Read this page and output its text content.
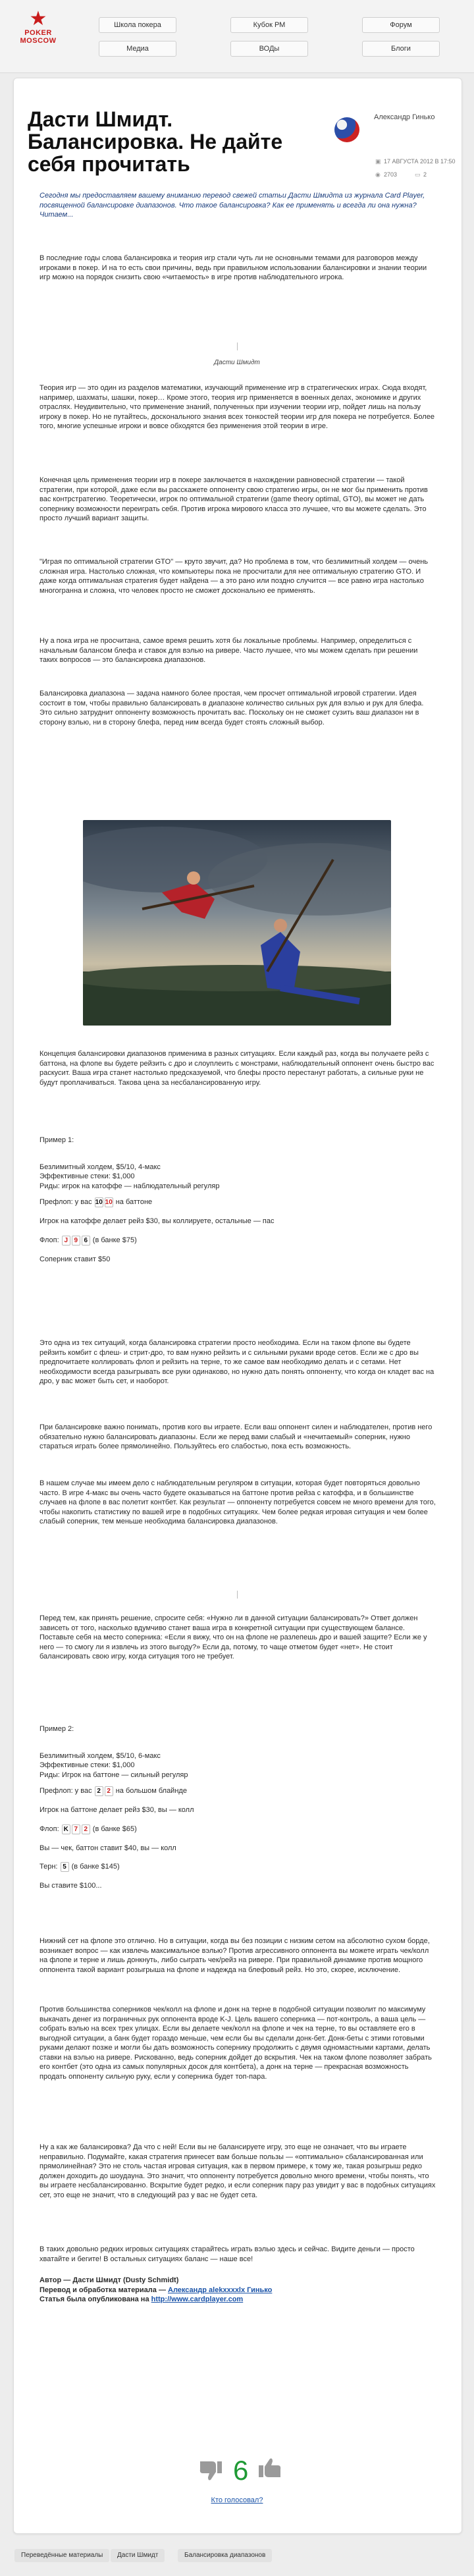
★
POKER
MOSCOW
Школа покера	Кубок РМ	Форум
Медиа	ВОДы	Блоги
Дасти Шмидт. Балансировка. Не дайте себя прочитать
Александр Гинько
▣ 17 АВГУСТА 2012 В 17:50
◉ 2703	▭ 2

Сегодня мы предоставляем вашему вниманию перевод свежей статьи Дасти Шмидта из журнала Card Player, посвященной балансировке диапазонов. Что такое балансировка? Как ее применять и всегда ли она нужна? Читаем...

В последние годы слова балансировка и теория игр стали чуть ли не основными темами для разговоров между игроками в покер. И на то есть свои причины, ведь при правильном использовании балансировки и знании теории игр можно на порядок снизить свою «читаемость» в игре против наблюдательного игрока.

Дасти Шмидт

Теория игр — это один из разделов математики, изучающий применение игр в стратегических играх. Сюда входят, например, шахматы, шашки, покер… Кроме этого, теория игр применяется в военных делах, экономике и других отраслях. Неудивительно, что применение знаний, полученных при изучении теории игр, пойдет лишь на пользу игроку в покер. Но не путайтесь, досконального знания всех тонкостей теории игр для покера не потребуется. Более того, многие успешные игроки и вовсе обходятся без применения этой теории в игре.

Конечная цель применения теории игр в покере заключается в нахождении равновесной стратегии — такой стратегии, при которой, даже если вы расскажете оппоненту свою стратегию игры, он не мог бы применить против вас контрстратегию. Теоретически, игрок по оптимальной стратегии (game theory optimal, GTO), вы может не дать сопернику возможности переиграть себя. Против игрока мирового класса это лучшее, что вы можете сделать. Это просто лучший вариант защиты.

"Играя по оптимальной стратегии GTO" — круто звучит, да? Но проблема в том, что безлимитный холдем — очень сложная игра. Настолько сложная, что компьютеры пока не просчитали для нее оптимальную стратегию GTO. И даже когда оптимальная стратегия будет найдена — а это рано или поздно случится — все равно игра настолько многогранна и сложна, что человек просто не сможет досконально ее применять.

Ну а пока игра не просчитана, самое время решить хотя бы локальные проблемы. Например, определиться с начальным балансом блефа и ставок для вэлью на ривере. Часто лучшее, что мы можем сделать при решении таких вопросов — это балансировка диапазонов.

Балансировка диапазона — задача намного более простая, чем просчет оптимальной игровой стратегии. Идея состоит в том, чтобы правильно балансировать в диапазоне количество сильных рук для вэлью и рук для блефа. Это сильно затруднит оппоненту возможность прочитать вас. Поскольку он не сможет сузить ваш диапазон ни в сторону вэлью, ни в сторону блефа, перед ним всегда будет стоять сложный выбор.

Концепция балансировки диапазонов применима в разных ситуациях. Если каждый раз, когда вы получаете рейз с баттона, на флопе вы будете рейзить с дро и слоуплеить с монстрами, наблюдательный оппонент очень быстро вас раскусит. Ваша игра станет настолько предсказуемой, что блефы просто перестанут работать, а сильные руки не будут проплачиваться. Такова цена за несбалансированную игру.

Пример 1:

Безлимитный холдем, $5/10, 4-макс

Эффективные стеки: $1,000

Риды: игрок на катоффе — наблюдательный регуляр

Префлоп: у вас 10 10 на баттоне

Игрок на катоффе делает рейз $30, вы коллируете, остальные — пас

Флоп: J 9 6 (в банке $75)

Соперник ставит $50

Это одна из тех ситуаций, когда балансировка стратегии просто необходима. Если на таком флопе вы будете рейзить комбит с флеш- и стрит-дро, то вам нужно рейзить и с сильными руками вроде сетов. Если же с дро вы предпочитаете коллировать флоп и рейзить на терне, то же самое вам необходимо делать и с сетами. Нет необходимости всегда разыгрывать все руки одинаково, но нужно дать понять оппоненту, что когда он кладет вас на дро, у вас может быть сет, и наоборот.

При балансировке важно понимать, против кого вы играете. Если ваш оппонент силен и наблюдателен, против него обязательно нужно балансировать диапазоны. Если же перед вами слабый и «нечитаемый» соперник, нужно стараться играть более прямолинейно. Пользуйтесь его слабостью, пока есть возможность.

В нашем случае мы имеем дело с наблюдательным регуляром в ситуации, которая будет повторяться довольно часто. В игре 4-макс вы очень часто будете оказываться на баттоне против рейза с катоффа, и в большинстве случаев на флопе в вас полетит контбет. Как результат — оппоненту потребуется совсем не много времени для того, чтобы накопить статистику по вашей игре в подобных ситуациях. Чем более редкая игровая ситуация и чем более слабый соперник, тем меньше необходима балансировка диапазонов.

Перед тем, как принять решение, спросите себя: «Нужно ли в данной ситуации балансировать?» Ответ должен зависеть от того, насколько вдумчиво станет ваша игра в конкретной ситуации при существующем балансе. Поставьте себя на место соперника: «Если я вижу, что он на флопе не разлепешь дро и вашей защите? Если же у него — то смогу ли я извлечь из этого выгоду?» Если да, потому, то чаще отметом будет «нет». Не стоит балансировать свою игру, когда ситуация того не требует.

Пример 2:

Безлимитный холдем, $5/10, 6-макс

Эффективные стеки: $1,000

Риды: Игрок на баттоне — сильный регуляр

Префлоп: у вас 2 2 на большом блайнде

Игрок на баттоне делает рейз $30, вы — колл

Флоп: K 7 2 (в банке $65)

Вы — чек, баттон ставит $40, вы — колл

Терн: 5 (в банке $145)

Вы ставите $100...

Нижний сет на флопе это отлично. Но в ситуации, когда вы без позиции с низким сетом на абсолютно сухом борде, возникает вопрос — как извлечь максимальное вэлью? Против агрессивного оппонента вы можете играть чек/колл на флопе и терне и лишь донкнуть, либо сыграть чек/рейз на ривере. При правильной динамике против мощного оппонента такой вариант розыгрыша на флопе и надежда на блефовый рейз. Но это, скорее, исключение.

Против большинства соперников чек/колл на флопе и донк на терне в подобной ситуации позволит по максимуму выкачать денег из пограничных рук оппонента вроде K‑J. Цель вашего соперника — пот-контроль, а ваша цель — собрать вэлью на всех трех улицах. Если вы делаете чек/колл на флопе и чек на терне, то вы оставляете его в выгодной ситуации, а банк будет гораздо меньше, чем если бы вы сделали донк-бет. Донк-беты с этими готовыми руками делают позже и могли бы дать возможность сопернику продолжить с двумя одномастными картами, делать ставки на вэлью на ривере. Рискованно, ведь соперник дойдет до вскрытия. Чек на таком флопе позволяет забрать его контбет (это одна из самых популярных досок для контбета), а донк на терне — прекрасная возможность продать оппоненту сильную руку, если у соперника будет топ-пара.

Ну а как же балансировка? Да что с ней! Если вы не балансируете игру, это еще не означает, что вы играете неправильно. Подумайте, какая стратегия принесет вам больше пользы — «оптимально» сбалансированная или прямолинейная? Это не столь частая игровая ситуация, как в первом примере, к тому же, такая розыгрыш редко должен доходить до шоудауна. Это значит, что оппоненту потребуется довольно много времени, чтобы понять, что вы играете несбалансированно. Вскрытие будет редко, и если соперник пару раз увидит у вас в подобных ситуациях сет, это еще не значит, что в следующий раз у вас не будет сета.

В таких довольно редких игровых ситуациях старайтесь играть вэлью здесь и сейчас. Видите деньги — просто хватайте и бегите! В остальных ситуациях баланс — наше все!

Автор — Дасти Шмидт (Dusty Schmidt)

Перевод и обработка материала — Александр alekxxxxlx Гинько

Статья была опубликована на http://www.cardplayer.com

6
Кто голосовал?
Переведённые материалы	Дасти Шмидт	Балансировка диапазонов
